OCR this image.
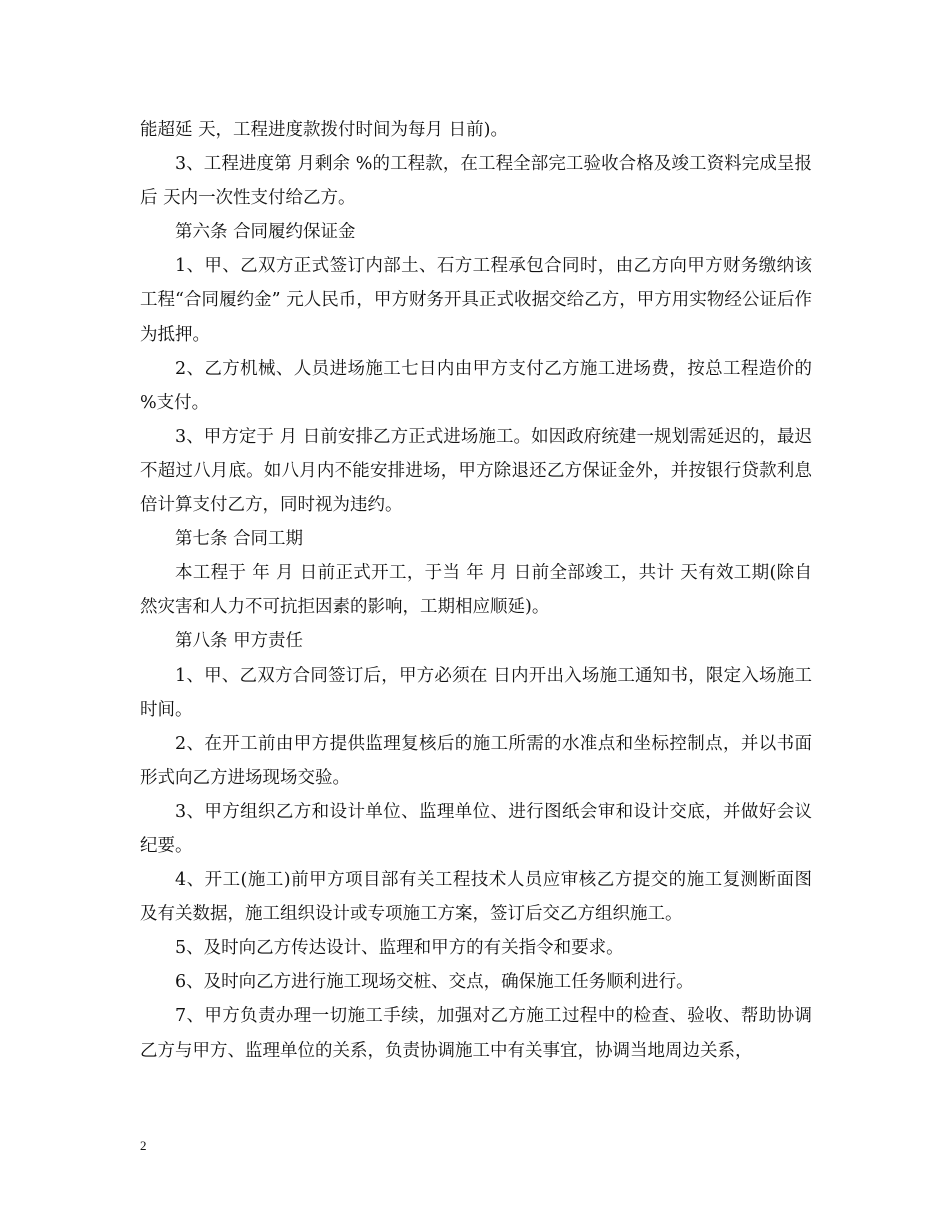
能超延 天，工程进度款拨付时间为每月 日前)。

3、工程进度第 月剩余 %的工程款，在工程全部完工验收合格及竣工资料完成呈报后 天内一次性支付给乙方。

第六条 合同履约保证金

1、甲、乙双方正式签订内部土、石方工程承包合同时，由乙方向甲方财务缴纳该工程“合同履约金” 元人民币，甲方财务开具正式收据交给乙方，甲方用实物经公证后作为抵押。

2、乙方机械、人员进场施工七日内由甲方支付乙方施工进场费，按总工程造价的 %支付。

3、甲方定于 月 日前安排乙方正式进场施工。如因政府统建一规划需延迟的，最迟不超过八月底。如八月内不能安排进场，甲方除退还乙方保证金外，并按银行贷款利息 倍计算支付乙方，同时视为违约。

第七条 合同工期

本工程于 年 月 日前正式开工，于当 年 月 日前全部竣工，共计 天有效工期(除自然灾害和人力不可抗拒因素的影响，工期相应顺延)。

第八条 甲方责任

1、甲、乙双方合同签订后，甲方必须在 日内开出入场施工通知书，限定入场施工时间。

2、在开工前由甲方提供监理复核后的施工所需的水准点和坐标控制点，并以书面形式向乙方进场现场交验。

3、甲方组织乙方和设计单位、监理单位、进行图纸会审和设计交底，并做好会议纪要。

4、开工(施工)前甲方项目部有关工程技术人员应审核乙方提交的施工复测断面图及有关数据，施工组织设计或专项施工方案，签订后交乙方组织施工。

5、及时向乙方传达设计、监理和甲方的有关指令和要求。

6、及时向乙方进行施工现场交桩、交点，确保施工任务顺利进行。

7、甲方负责办理一切施工手续，加强对乙方施工过程中的检查、验收、帮助协调乙方与甲方、监理单位的关系，负责协调施工中有关事宜，协调当地周边关系，

2
